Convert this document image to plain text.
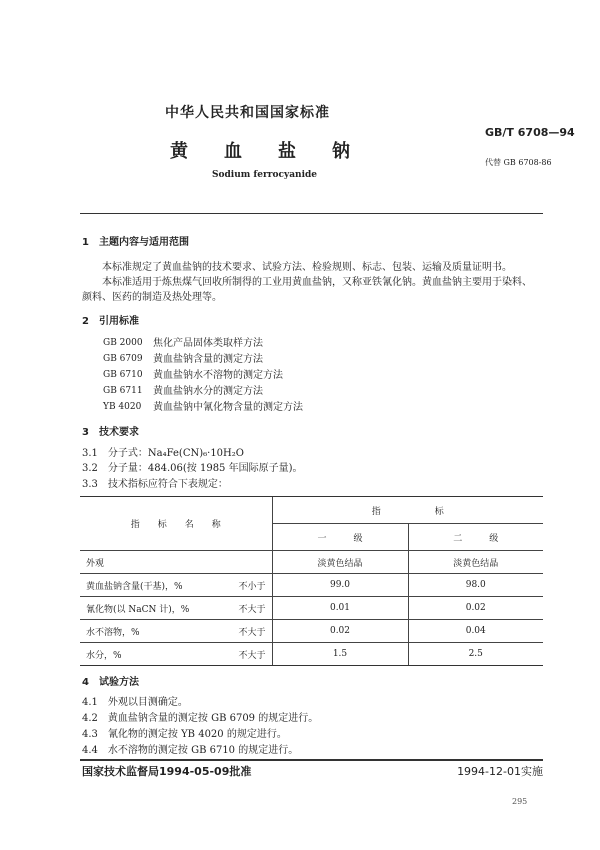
中华人民共和国国家标准
GB/T 6708—94
黄　　血　　盐　　钠
代替 GB 6708-86
Sodium ferrocyanide
1　主题内容与适用范围
本标准规定了黄血盐钠的技术要求、试验方法、检验规则、标志、包装、运输及质量证明书。
本标准适用于炼焦煤气回收所制得的工业用黄血盐钠，又称亚铁氰化钠。黄血盐钠主要用于染料、
颜料、医药的制造及热处理等。
2　引用标准
GB 2000 焦化产品固体类取样方法
GB 6709 黄血盐钠含量的测定方法
GB 6710 黄血盐钠水不溶物的测定方法
GB 6711 黄血盐钠水分的测定方法
YB 4020 黄血盐钠中氰化物含量的测定方法
3　技术要求
3.1　分子式：Na₄Fe(CN)₆·10H₂O
3.2　分子量：484.06(按 1985 年国际原子量)。
3.3　技术指标应符合下表规定：
指　　标　　名　　称	指　　　　　　标	
	一　　　级	二　　　级
外观	淡黄色结晶	淡黄色结晶
黄血盐钠含量(干基)，% 不小于	99.0	98.0
氰化物(以 NaCN 计)，% 不大于	0.01	0.02
水不溶物，% 不大于	0.02	0.04
水分，% 不大于	1.5	2.5
4　试验方法
4.1　外观以目测确定。
4.2　黄血盐钠含量的测定按 GB 6709 的规定进行。
4.3　氰化物的测定按 YB 4020 的规定进行。
4.4　水不溶物的测定按 GB 6710 的规定进行。
国家技术监督局1994-05-09批准	1994-12-01实施
295
